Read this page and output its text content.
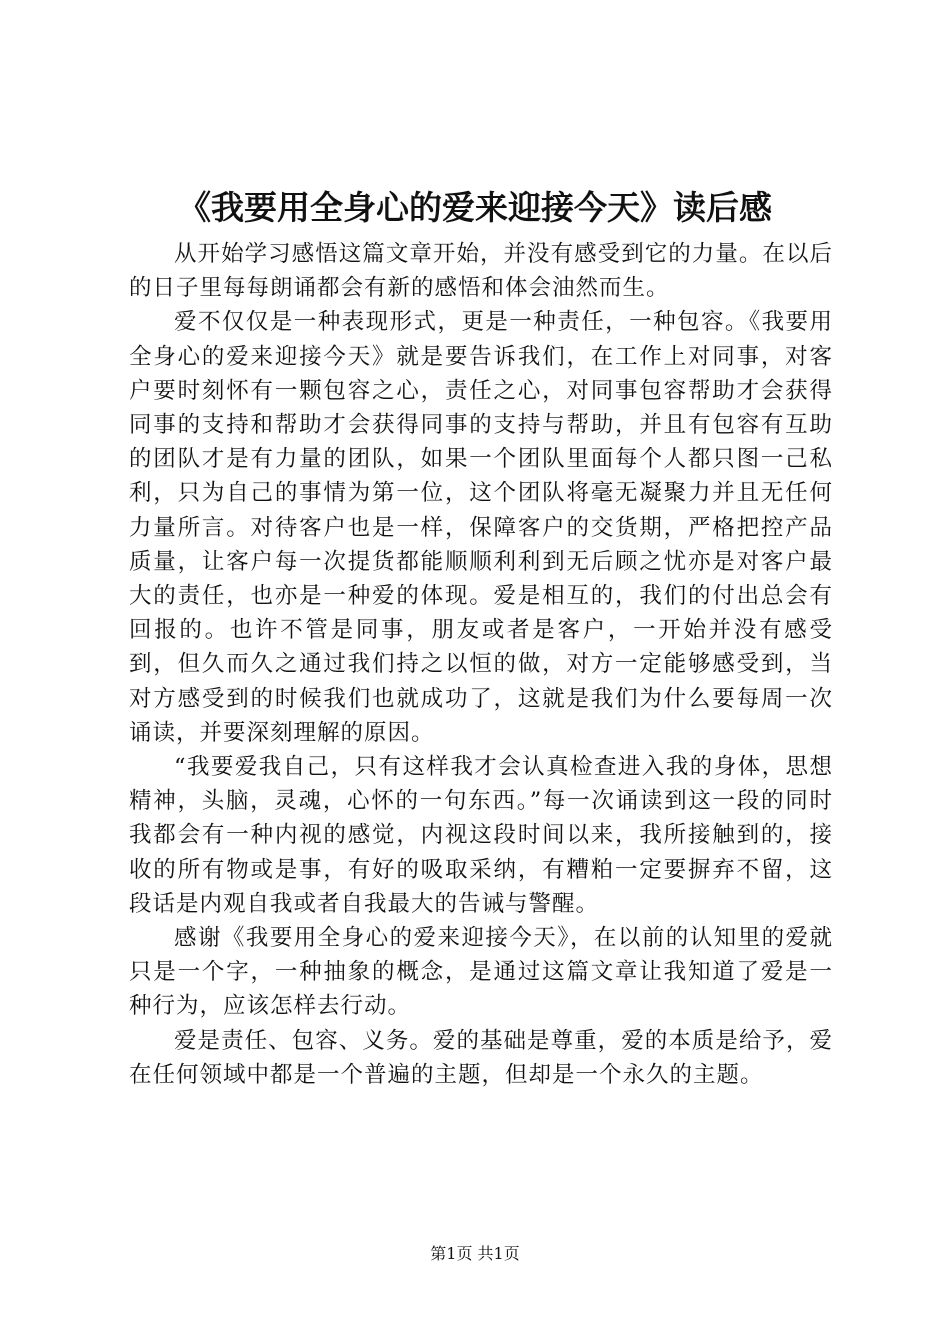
《我要用全身心的爱来迎接今天》读后感

从开始学习感悟这篇文章开始，并没有感受到它的力量。在以后的日子里每每朗诵都会有新的感悟和体会油然而生。

爱不仅仅是一种表现形式，更是一种责任，一种包容。《我要用全身心的爱来迎接今天》就是要告诉我们，在工作上对同事，对客户要时刻怀有一颗包容之心，责任之心，对同事包容帮助才会获得同事的支持和帮助才会获得同事的支持与帮助，并且有包容有互助的团队才是有力量的团队，如果一个团队里面每个人都只图一己私利，只为自己的事情为第一位，这个团队将毫无凝聚力并且无任何力量所言。对待客户也是一样，保障客户的交货期，严格把控产品质量，让客户每一次提货都能顺顺利利到无后顾之忧亦是对客户最大的责任，也亦是一种爱的体现。爱是相互的，我们的付出总会有回报的。也许不管是同事，朋友或者是客户，一开始并没有感受到，但久而久之通过我们持之以恒的做，对方一定能够感受到，当对方感受到的时候我们也就成功了，这就是我们为什么要每周一次诵读，并要深刻理解的原因。

“我要爱我自己，只有这样我才会认真检查进入我的身体，思想精神，头脑，灵魂，心怀的一句东西。”每一次诵读到这一段的同时我都会有一种内视的感觉，内视这段时间以来，我所接触到的，接收的所有物或是事，有好的吸取采纳，有糟粕一定要摒弃不留，这段话是内观自我或者自我最大的告诫与警醒。

感谢《我要用全身心的爱来迎接今天》，在以前的认知里的爱就只是一个字，一种抽象的概念，是通过这篇文章让我知道了爱是一种行为，应该怎样去行动。

爱是责任、包容、义务。爱的基础是尊重，爱的本质是给予，爱在任何领域中都是一个普遍的主题，但却是一个永久的主题。

第1页 共1页
